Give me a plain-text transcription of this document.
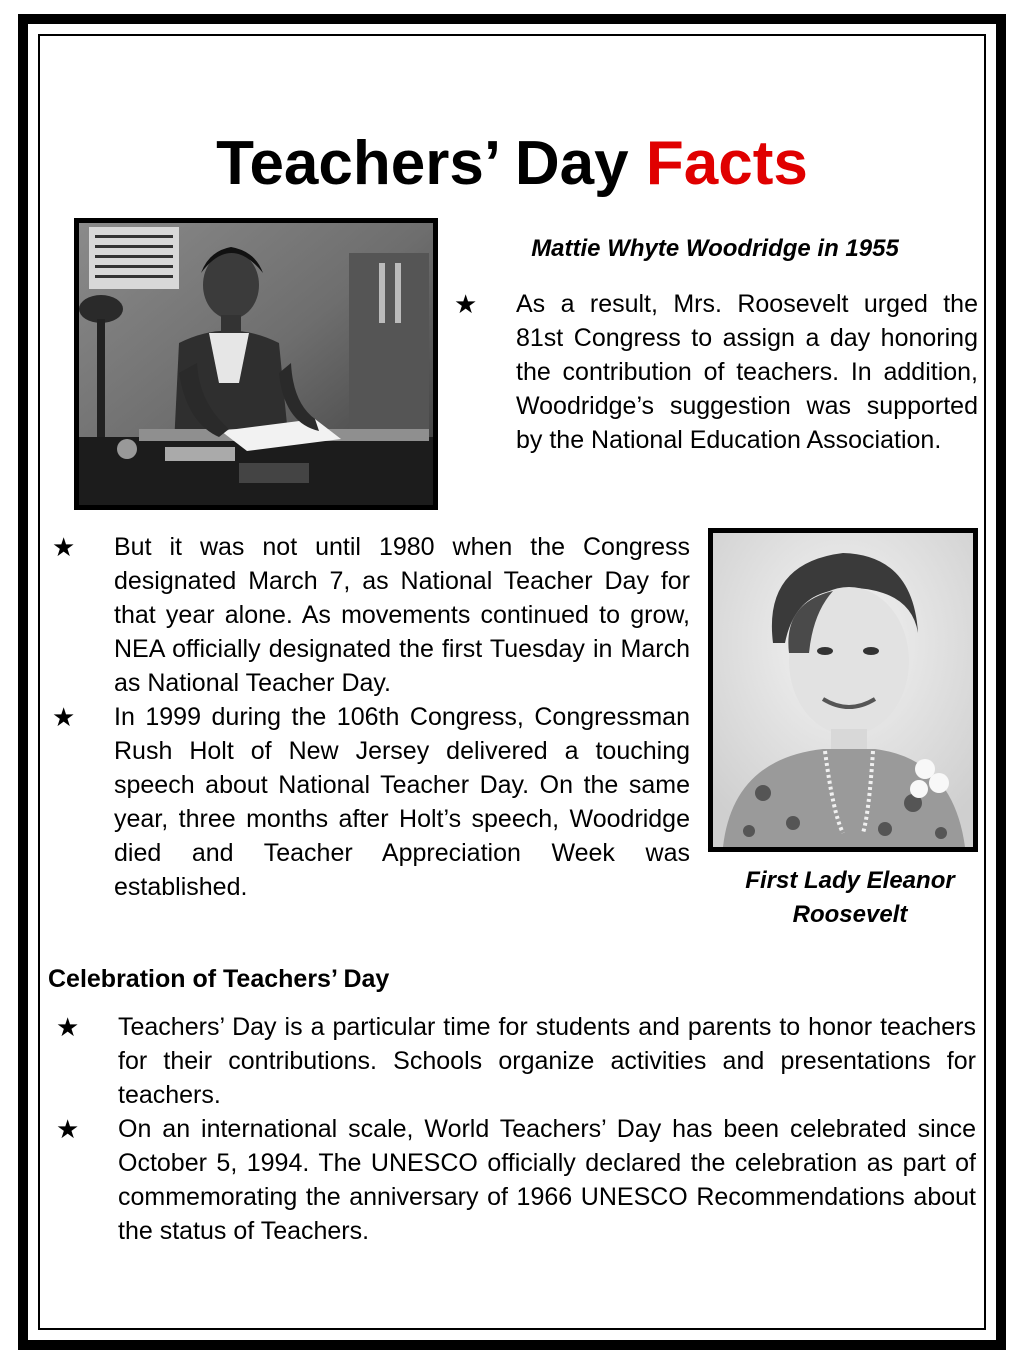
Teachers’ Day Facts
Mattie Whyte Woodridge in 1955
★ As a result, Mrs. Roosevelt urged the 81st Congress to assign a day honoring the contribution of teachers. In addition, Woodridge’s suggestion was supported by the National Education Association.
★ But it was not until 1980 when the Congress designated March 7, as National Teacher Day for that year alone. As movements continued to grow, NEA officially designated the first Tuesday in March as National Teacher Day.
★ In 1999 during the 106th Congress, Congressman Rush Holt of New Jersey delivered a touching speech about National Teacher Day. On the same year, three months after Holt’s speech, Woodridge died and Teacher Appreciation Week was established.	First Lady Eleanor Roosevelt
Celebration of Teachers’ Day
★ Teachers’ Day is a particular time for students and parents to honor teachers for their contributions. Schools organize activities and presentations for teachers.
★ On an international scale, World Teachers’ Day has been celebrated since October 5, 1994. The UNESCO officially declared the celebration as part of commemorating the anniversary of 1966 UNESCO Recommendations about the status of Teachers.
